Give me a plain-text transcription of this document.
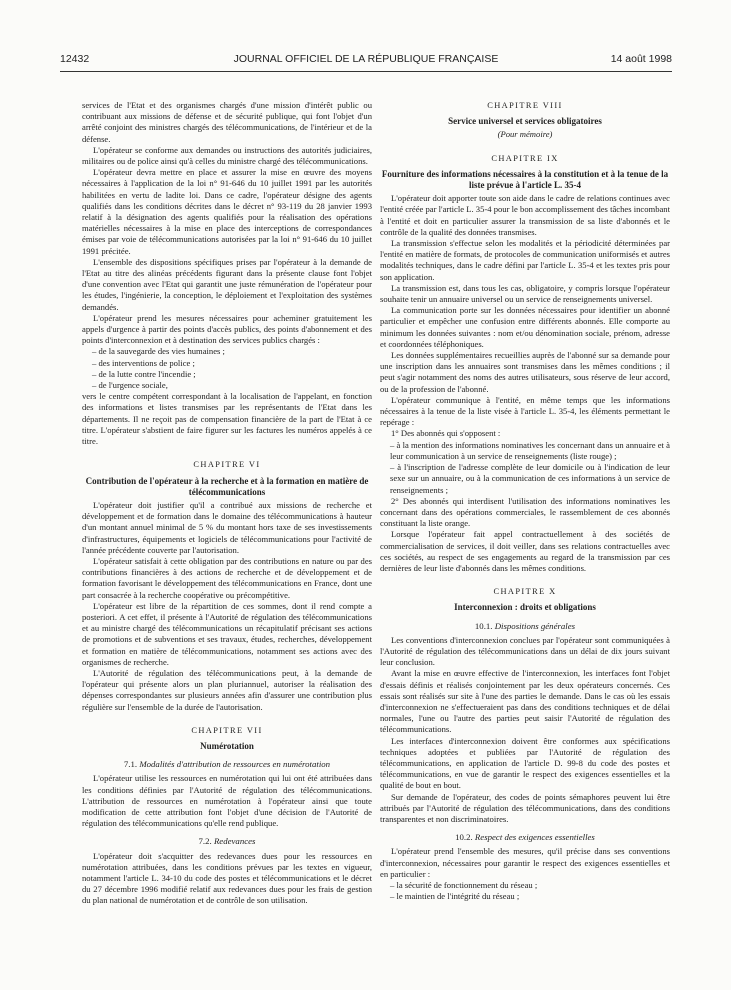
12432	JOURNAL OFFICIEL DE LA RÉPUBLIQUE FRANÇAISE	14 août 1998

services de l'Etat et des organismes chargés d'une mission d'intérêt public ou contribuant aux missions de défense et de sécurité publique, qui font l'objet d'un arrêté conjoint des ministres chargés des télécommunications, de l'intérieur et de la défense.

L'opérateur se conforme aux demandes ou instructions des autorités judiciaires, militaires ou de police ainsi qu'à celles du ministre chargé des télécommunications.

L'opérateur devra mettre en place et assurer la mise en œuvre des moyens nécessaires à l'application de la loi n° 91-646 du 10 juillet 1991 par les autorités habilitées en vertu de ladite loi. Dans ce cadre, l'opérateur désigne des agents qualifiés dans les conditions décrites dans le décret n° 93-119 du 28 janvier 1993 relatif à la désignation des agents qualifiés pour la réalisation des opérations matérielles nécessaires à la mise en place des interceptions de correspondances émises par voie de télécommunications autorisées par la loi n° 91-646 du 10 juillet 1991 précitée.

L'ensemble des dispositions spécifiques prises par l'opérateur à la demande de l'Etat au titre des alinéas précédents figurant dans la présente clause font l'objet d'une convention avec l'Etat qui garantit une juste rémunération de l'opérateur pour les études, l'ingénierie, la conception, le déploiement et l'exploitation des systèmes demandés.

L'opérateur prend les mesures nécessaires pour acheminer gratuitement les appels d'urgence à partir des points d'accès publics, des points d'abonnement et des points d'interconnexion et à destination des services publics chargés :

– de la sauvegarde des vies humaines ;
– des interventions de police ;
– de la lutte contre l'incendie ;
– de l'urgence sociale,

vers le centre compétent correspondant à la localisation de l'appelant, en fonction des informations et listes transmises par les représentants de l'Etat dans les départements. Il ne reçoit pas de compensation financière de la part de l'Etat à ce titre. L'opérateur s'abstient de faire figurer sur les factures les numéros appelés à ce titre.

CHAPITRE VI
Contribution de l'opérateur à la recherche et à la formation en matière de télécommunications

L'opérateur doit justifier qu'il a contribué aux missions de recherche et développement et de formation dans le domaine des télécommunications à hauteur d'un montant annuel minimal de 5 % du montant hors taxe de ses investissements d'infrastructures, équipements et logiciels de télécommunications pour l'activité de l'année précédente couverte par l'autorisation.

L'opérateur satisfait à cette obligation par des contributions en nature ou par des contributions financières à des actions de recherche et de développement et de formation favorisant le développement des télécommunications en France, dont une part consacrée à la recherche coopérative ou précompétitive.

L'opérateur est libre de la répartition de ces sommes, dont il rend compte a posteriori. A cet effet, il présente à l'Autorité de régulation des télécommunications et au ministre chargé des télécommunications un récapitulatif précisant ses actions de promotions et de subventions et ses travaux, études, recherches, développement et formation en matière de télécommunications, notamment ses actions avec des organismes de recherche.

L'Autorité de régulation des télécommunications peut, à la demande de l'opérateur qui présente alors un plan pluriannuel, autoriser la réalisation des dépenses correspondantes sur plusieurs années afin d'assurer une contribution plus régulière sur l'ensemble de la durée de l'autorisation.

CHAPITRE VII
Numérotation
7.1. Modalités d'attribution de ressources en numérotation

L'opérateur utilise les ressources en numérotation qui lui ont été attribuées dans les conditions définies par l'Autorité de régulation des télécommunications. L'attribution de ressources en numérotation à l'opérateur ainsi que toute modification de cette attribution font l'objet d'une décision de l'Autorité de régulation des télécommunications qu'elle rend publique.

7.2. Redevances

L'opérateur doit s'acquitter des redevances dues pour les ressources en numérotation attribuées, dans les conditions prévues par les textes en vigueur, notamment l'article L. 34-10 du code des postes et télécommunications et le décret du 27 décembre 1996 modifié relatif aux redevances dues pour les frais de gestion du plan national de numérotation et de contrôle de son utilisation.

CHAPITRE VIII
Service universel et services obligatoires
(Pour mémoire)
CHAPITRE IX
Fourniture des informations nécessaires à la constitution et à la tenue de la liste prévue à l'article L. 35-4

L'opérateur doit apporter toute son aide dans le cadre de relations continues avec l'entité créée par l'article L. 35-4 pour le bon accomplissement des tâches incombant à l'entité et doit en particulier assurer la transmission de sa liste d'abonnés et le contrôle de la qualité des données transmises.

La transmission s'effectue selon les modalités et la périodicité déterminées par l'entité en matière de formats, de protocoles de communication uniformisés et autres modalités techniques, dans le cadre défini par l'article L. 35-4 et les textes pris pour son application.

La transmission est, dans tous les cas, obligatoire, y compris lorsque l'opérateur souhaite tenir un annuaire universel ou un service de renseignements universel.

La communication porte sur les données nécessaires pour identifier un abonné particulier et empêcher une confusion entre différents abonnés. Elle comporte au minimum les données suivantes : nom et/ou dénomination sociale, prénom, adresse et coordonnées téléphoniques.

Les données supplémentaires recueillies auprès de l'abonné sur sa demande pour une inscription dans les annuaires sont transmises dans les mêmes conditions ; il peut s'agir notamment des noms des autres utilisateurs, sous réserve de leur accord, ou de la profession de l'abonné.

L'opérateur communique à l'entité, en même temps que les informations nécessaires à la tenue de la liste visée à l'article L. 35-4, les éléments permettant le repérage :

1° Des abonnés qui s'opposent :

– à la mention des informations nominatives les concernant dans un annuaire et à leur communication à un service de renseignements (liste rouge) ;
– à l'inscription de l'adresse complète de leur domicile ou à l'indication de leur sexe sur un annuaire, ou à la communication de ces informations à un service de renseignements ;

2° Des abonnés qui interdisent l'utilisation des informations nominatives les concernant dans des opérations commerciales, le rassemblement de ces abonnés constituant la liste orange.

Lorsque l'opérateur fait appel contractuellement à des sociétés de commercialisation de services, il doit veiller, dans ses relations contractuelles avec ces sociétés, au respect de ses engagements au regard de la transmission par ces dernières de leur liste d'abonnés dans les mêmes conditions.

CHAPITRE X
Interconnexion : droits et obligations
10.1. Dispositions générales

Les conventions d'interconnexion conclues par l'opérateur sont communiquées à l'Autorité de régulation des télécommunications dans un délai de dix jours suivant leur conclusion.

Avant la mise en œuvre effective de l'interconnexion, les interfaces font l'objet d'essais définis et réalisés conjointement par les deux opérateurs concernés. Ces essais sont réalisés sur site à l'une des parties le demande. Dans le cas où les essais d'interconnexion ne s'effectueraient pas dans des conditions techniques et de délai normales, l'une ou l'autre des parties peut saisir l'Autorité de régulation des télécommunications.

Les interfaces d'interconnexion doivent être conformes aux spécifications techniques adoptées et publiées par l'Autorité de régulation des télécommunications, en application de l'article D. 99-8 du code des postes et télécommunications, en vue de garantir le respect des exigences essentielles et la qualité de bout en bout.

Sur demande de l'opérateur, des codes de points sémaphores peuvent lui être attribués par l'Autorité de régulation des télécommunications, dans des conditions transparentes et non discriminatoires.

10.2. Respect des exigences essentielles

L'opérateur prend l'ensemble des mesures, qu'il précise dans ses conventions d'interconnexion, nécessaires pour garantir le respect des exigences essentielles et en particulier :

– la sécurité de fonctionnement du réseau ;
– le maintien de l'intégrité du réseau ;
